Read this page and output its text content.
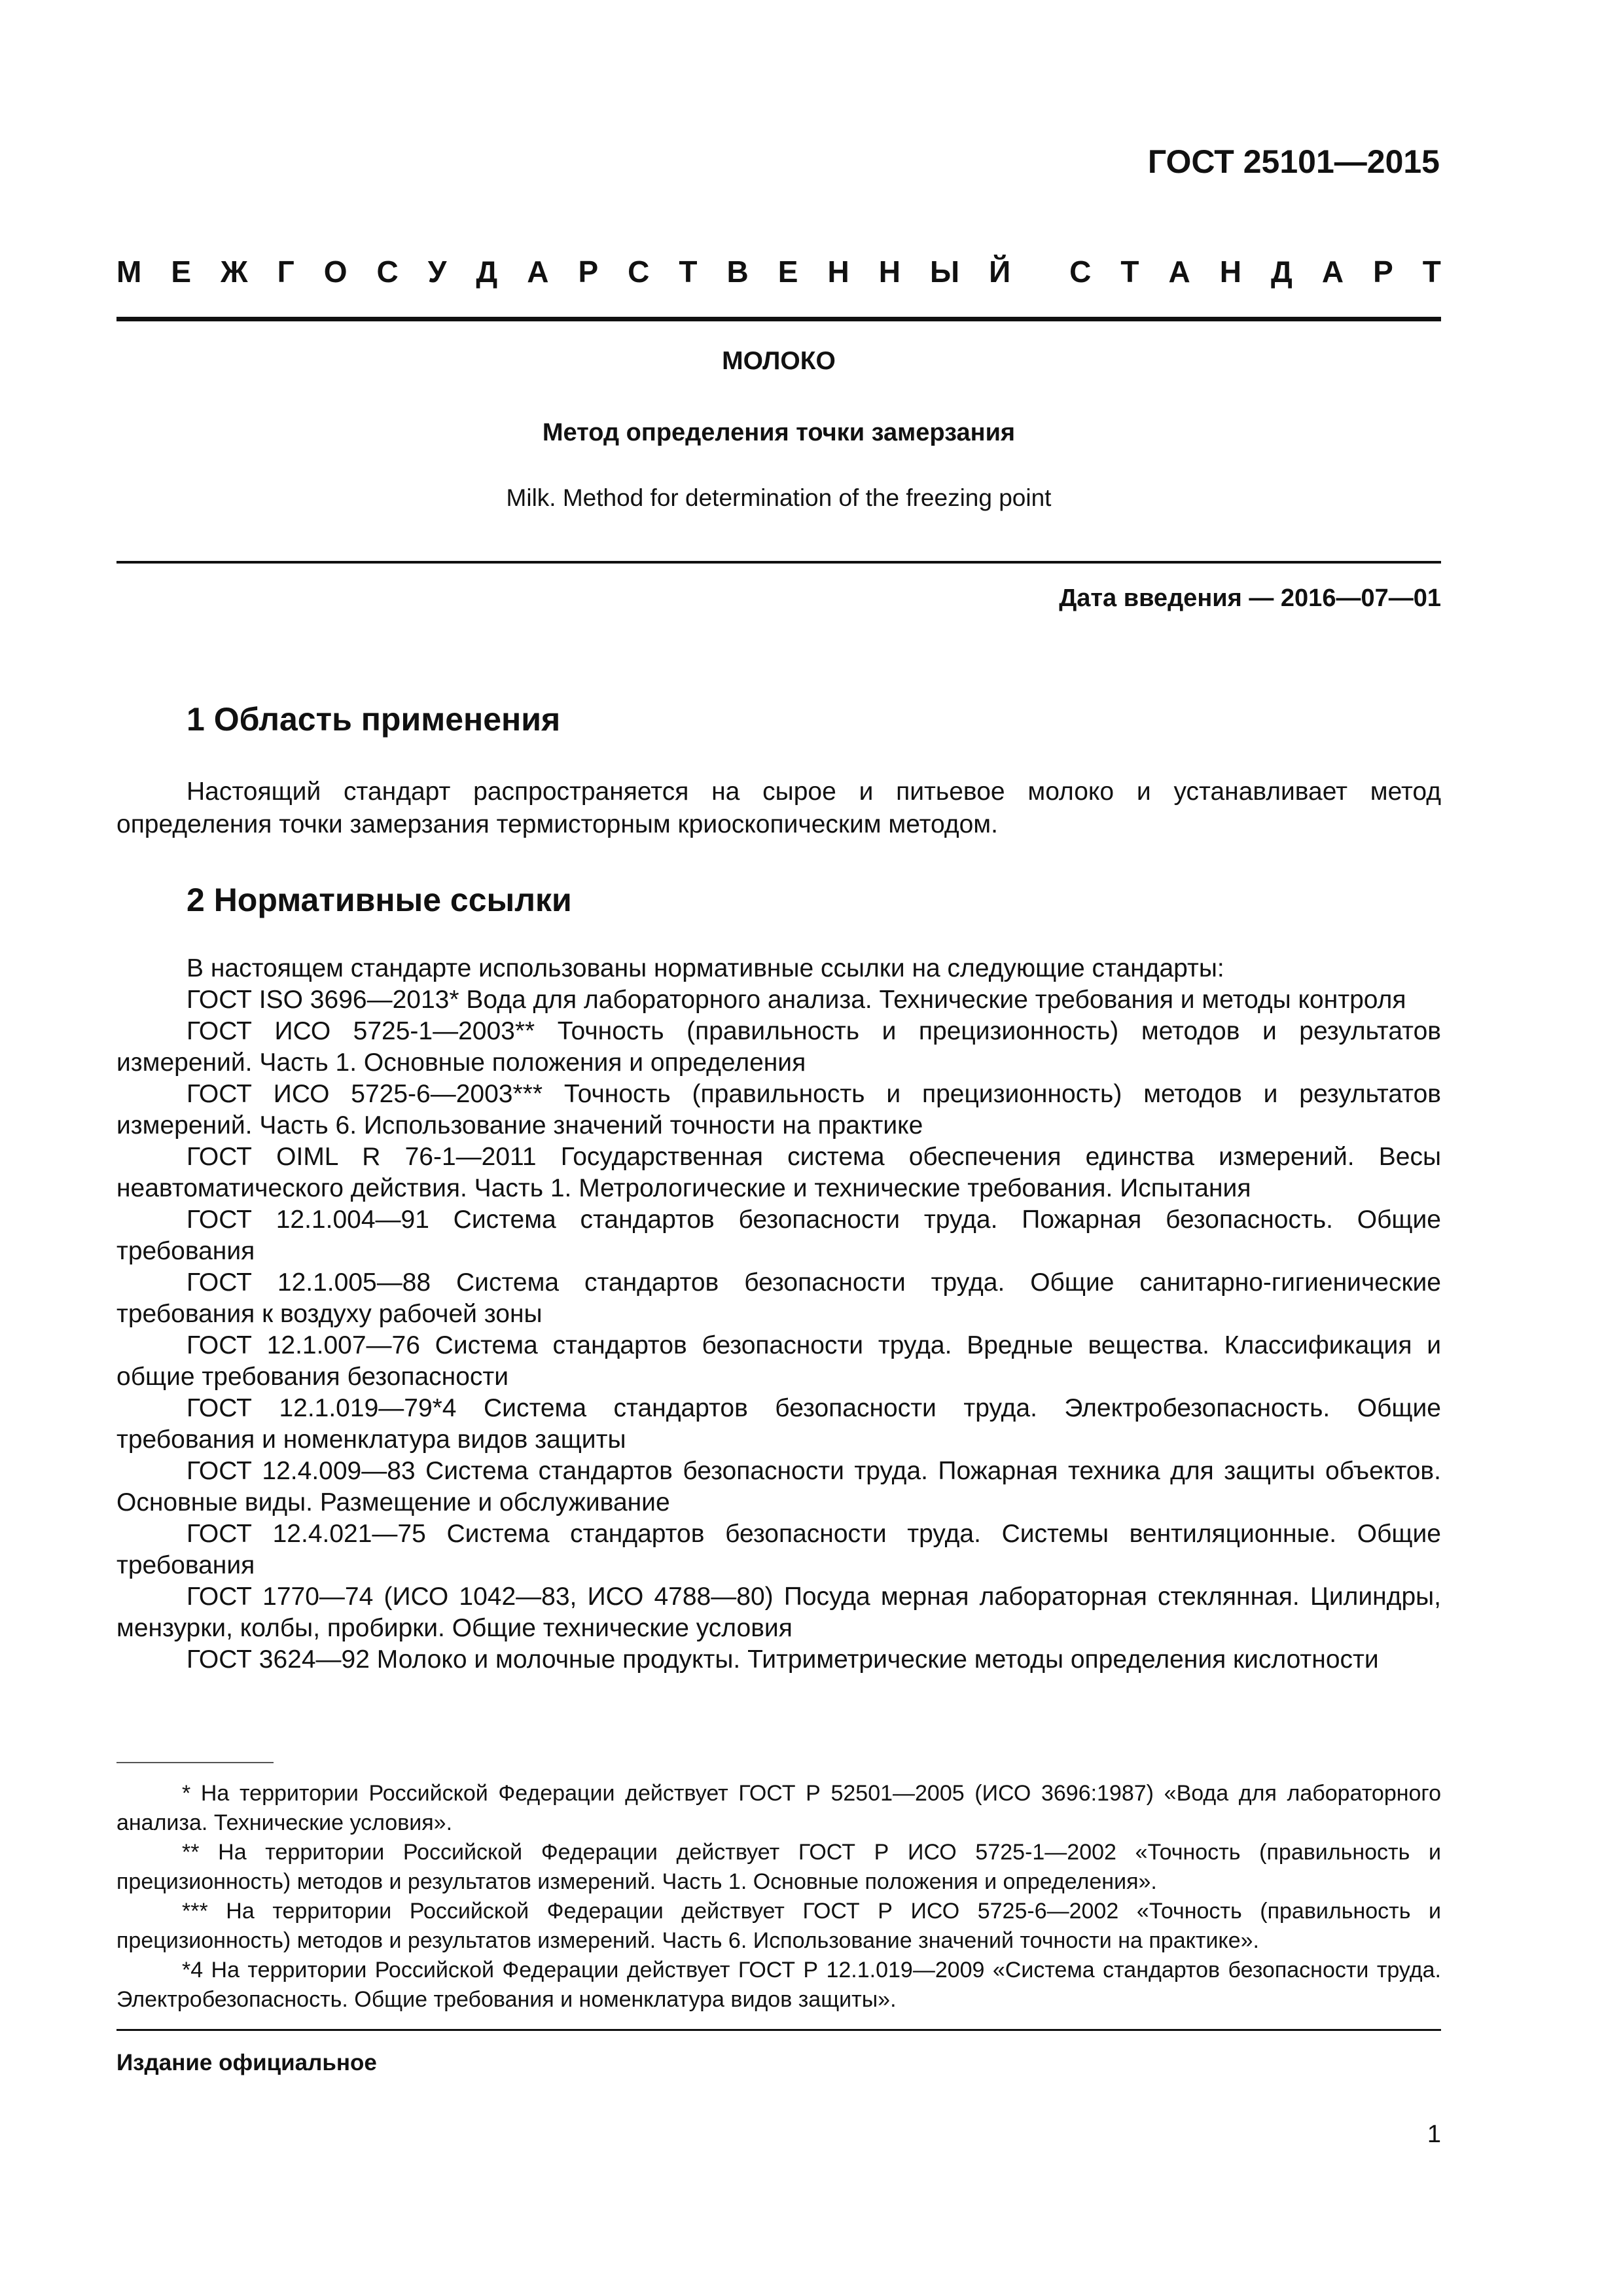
ГОСТ 25101—2015
М Е Ж Г О С У Д А Р С Т В Е Н Н Ы Й С Т А Н Д А Р Т

МОЛОКО

Метод определения точки замерзания

Milk. Method for determination of the freezing point

Дата введения — 2016—07—01
1 Область применения

Настоящий стандарт распространяется на сырое и питьевое молоко и устанавливает метод определения точки замерзания термисторным криоскопическим методом.

2 Нормативные ссылки

В настоящем стандарте использованы нормативные ссылки на следующие стандарты:

ГОСТ ISO 3696—2013* Вода для лабораторного анализа. Технические требования и методы контроля

ГОСТ ИСО 5725-1—2003** Точность (правильность и прецизионность) методов и результатов измерений. Часть 1. Основные положения и определения

ГОСТ ИСО 5725-6—2003*** Точность (правильность и прецизионность) методов и результатов измерений. Часть 6. Использование значений точности на практике

ГОСТ OIML R 76-1—2011 Государственная система обеспечения единства измерений. Весы неавтоматического действия. Часть 1. Метрологические и технические требования. Испытания

ГОСТ 12.1.004—91 Система стандартов безопасности труда. Пожарная безопасность. Общие требования

ГОСТ 12.1.005—88 Система стандартов безопасности труда. Общие санитарно-гигиенические требования к воздуху рабочей зоны

ГОСТ 12.1.007—76 Система стандартов безопасности труда. Вредные вещества. Классификация и общие требования безопасности

ГОСТ 12.1.019—79*4 Система стандартов безопасности труда. Электробезопасность. Общие требования и номенклатура видов защиты

ГОСТ 12.4.009—83 Система стандартов безопасности труда. Пожарная техника для защиты объектов. Основные виды. Размещение и обслуживание

ГОСТ 12.4.021—75 Система стандартов безопасности труда. Системы вентиляционные. Общие требования

ГОСТ 1770—74 (ИСО 1042—83, ИСО 4788—80) Посуда мерная лабораторная стеклянная. Цилиндры, мензурки, колбы, пробирки. Общие технические условия

ГОСТ 3624—92 Молоко и молочные продукты. Титриметрические методы определения кислотности

* На территории Российской Федерации действует ГОСТ Р 52501—2005 (ИСО 3696:1987) «Вода для лабораторного анализа. Технические условия».

** На территории Российской Федерации действует ГОСТ Р ИСО 5725-1—2002 «Точность (правильность и прецизионность) методов и результатов измерений. Часть 1. Основные положения и определения».

*** На территории Российской Федерации действует ГОСТ Р ИСО 5725-6—2002 «Точность (правильность и прецизионность) методов и результатов измерений. Часть 6. Использование значений точности на практике».

*4 На территории Российской Федерации действует ГОСТ Р 12.1.019—2009 «Система стандартов безопасности труда. Электробезопасность. Общие требования и номенклатура видов защиты».

Издание официальное

1
